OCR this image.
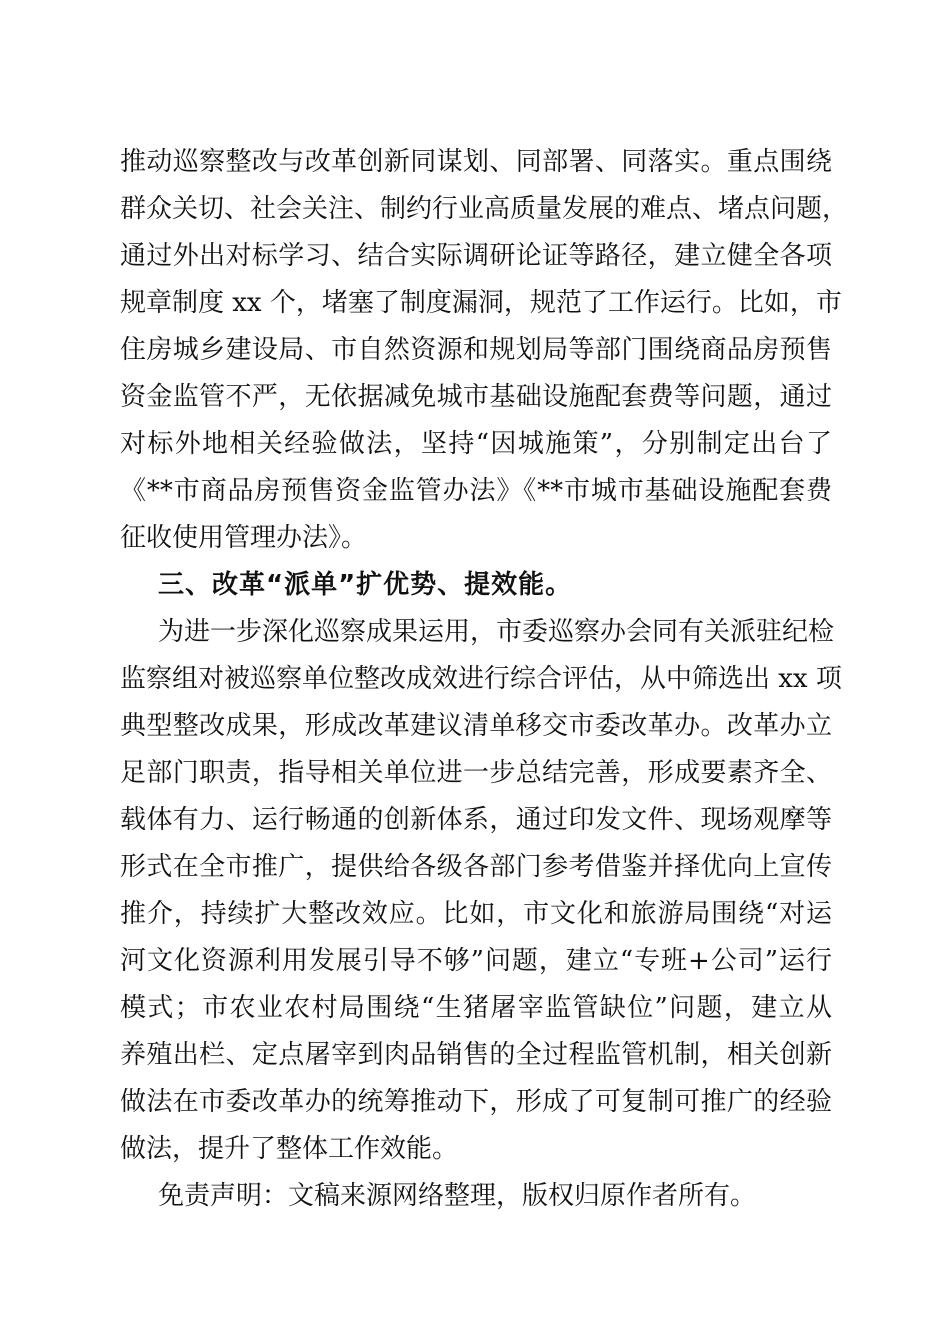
推动巡察整改与改革创新同谋划、同部署、同落实。重点围绕
群众关切、社会关注、制约行业高质量发展的难点、堵点问题，
通过外出对标学习、结合实际调研论证等路径，建立健全各项
规章制度 xx 个，堵塞了制度漏洞，规范了工作运行。比如，市
住房城乡建设局、市自然资源和规划局等部门围绕商品房预售
资金监管不严，无依据减免城市基础设施配套费等问题，通过
对标外地相关经验做法，坚持“因城施策”，分别制定出台了
《**市商品房预售资金监管办法》《**市城市基础设施配套费
征收使用管理办法》。
三、改革“派单”扩优势、提效能。
为进一步深化巡察成果运用，市委巡察办会同有关派驻纪检
监察组对被巡察单位整改成效进行综合评估，从中筛选出 xx 项
典型整改成果，形成改革建议清单移交市委改革办。改革办立
足部门职责，指导相关单位进一步总结完善，形成要素齐全、
载体有力、运行畅通的创新体系，通过印发文件、现场观摩等
形式在全市推广，提供给各级各部门参考借鉴并择优向上宣传
推介，持续扩大整改效应。比如，市文化和旅游局围绕“对运
河文化资源利用发展引导不够”问题，建立“专班+公司”运行
模式；市农业农村局围绕“生猪屠宰监管缺位”问题，建立从
养殖出栏、定点屠宰到肉品销售的全过程监管机制，相关创新
做法在市委改革办的统筹推动下，形成了可复制可推广的经验
做法，提升了整体工作效能。
免责声明：文稿来源网络整理，版权归原作者所有。
